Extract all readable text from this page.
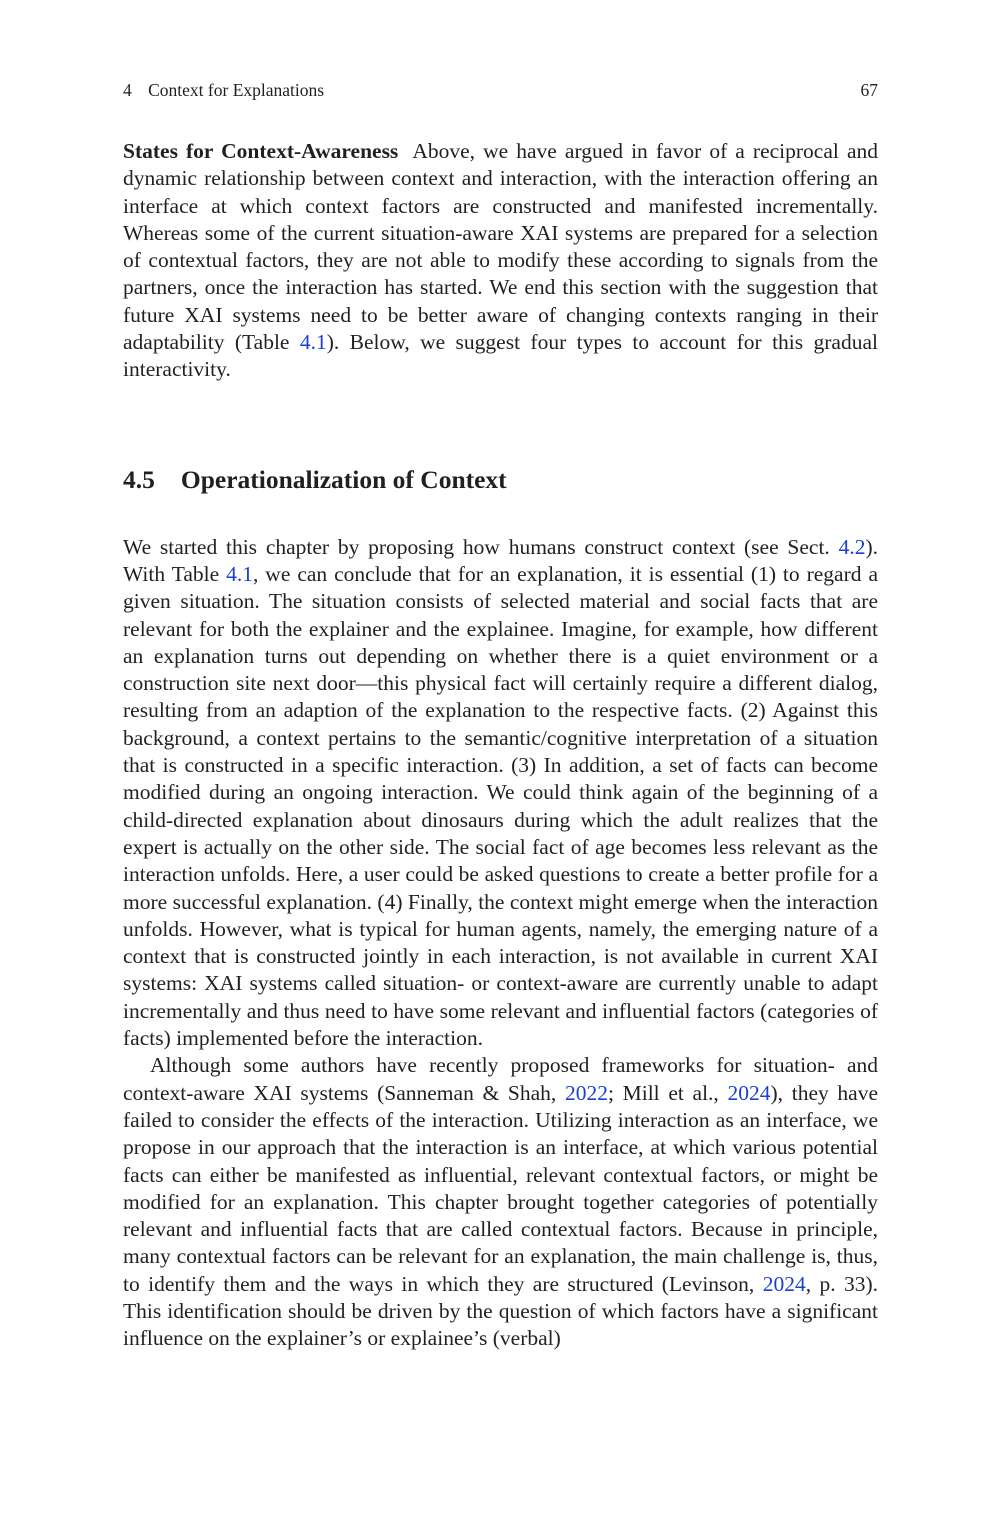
4 Context for Explanations	67

States for Context-Awareness Above, we have argued in favor of a reciprocal and dynamic relationship between context and interaction, with the interaction offering an interface at which context factors are constructed and manifested incrementally. Whereas some of the current situation-aware XAI systems are prepared for a selection of contextual factors, they are not able to modify these according to signals from the partners, once the interaction has started. We end this section with the suggestion that future XAI systems need to be better aware of changing contexts ranging in their adaptability (Table 4.1). Below, we suggest four types to account for this gradual interactivity.

4.5 Operationalization of Context

We started this chapter by proposing how humans construct context (see Sect. 4.2). With Table 4.1, we can conclude that for an explanation, it is essential (1) to regard a given situation. The situation consists of selected material and social facts that are relevant for both the explainer and the explainee. Imagine, for example, how different an explanation turns out depending on whether there is a quiet environment or a construction site next door—this physical fact will certainly require a different dialog, resulting from an adaption of the explanation to the respective facts. (2) Against this background, a context pertains to the semantic/cognitive interpretation of a situation that is constructed in a specific interaction. (3) In addition, a set of facts can become modified during an ongoing interaction. We could think again of the beginning of a child-directed explanation about dinosaurs during which the adult realizes that the expert is actually on the other side. The social fact of age becomes less relevant as the interaction unfolds. Here, a user could be asked questions to create a better profile for a more successful explanation. (4) Finally, the context might emerge when the interaction unfolds. However, what is typical for human agents, namely, the emerging nature of a context that is constructed jointly in each interaction, is not available in current XAI systems: XAI systems called situation- or context-aware are currently unable to adapt incrementally and thus need to have some relevant and influential factors (categories of facts) implemented before the interaction.

Although some authors have recently proposed frameworks for situation- and context-aware XAI systems (Sanneman & Shah, 2022; Mill et al., 2024), they have failed to consider the effects of the interaction. Utilizing interaction as an interface, we propose in our approach that the interaction is an interface, at which various potential facts can either be manifested as influential, relevant contextual factors, or might be modified for an explanation. This chapter brought together categories of potentially relevant and influential facts that are called contextual factors. Because in principle, many contextual factors can be relevant for an explanation, the main challenge is, thus, to identify them and the ways in which they are structured (Levinson, 2024, p. 33). This identification should be driven by the question of which factors have a significant influence on the explainer’s or explainee’s (verbal)
